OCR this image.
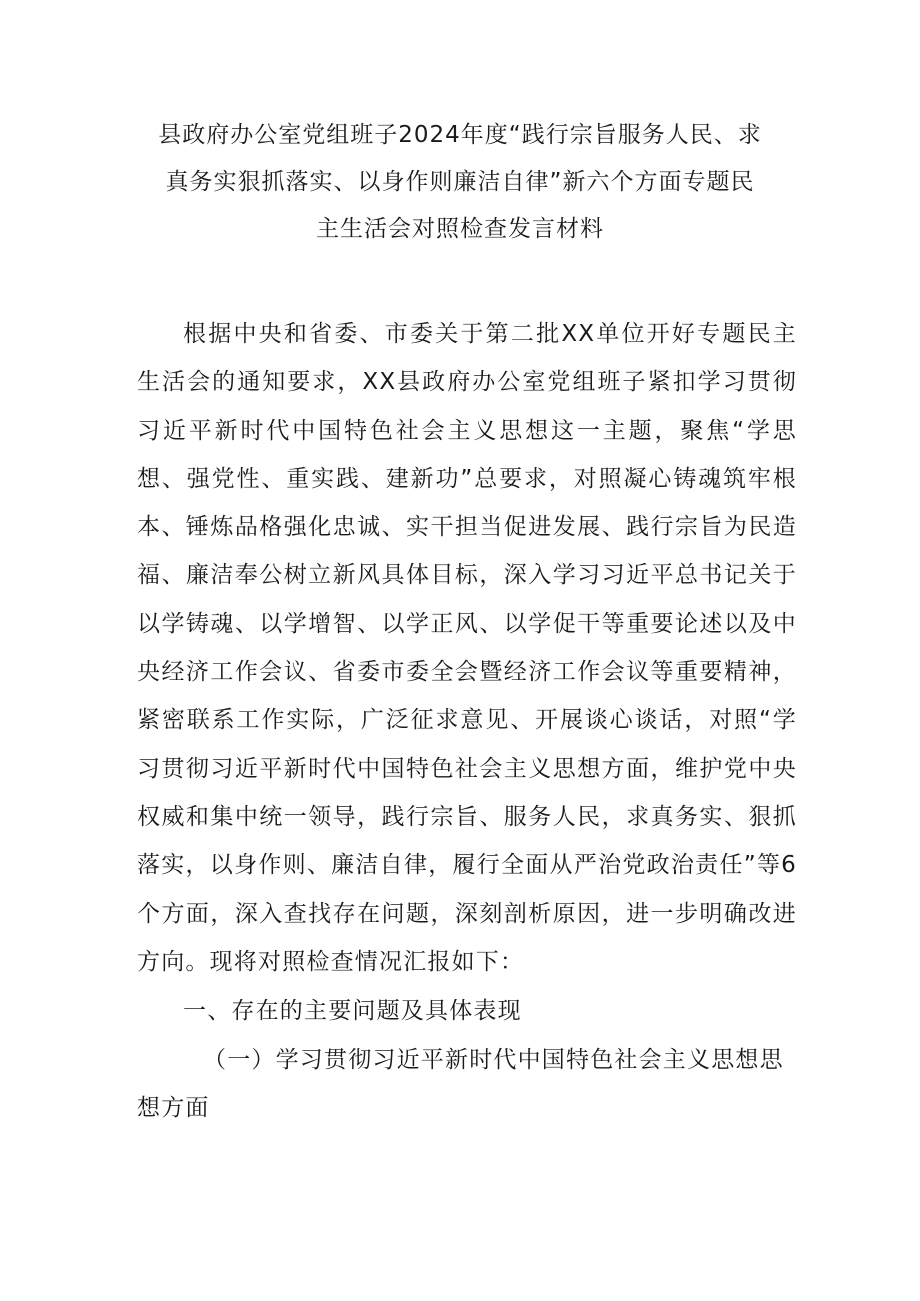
县政府办公室党组班子2024年度“践行宗旨服务人民、求
真务实狠抓落实、以身作则廉洁自律”新六个方面专题民
主生活会对照检查发言材料

根据中央和省委、市委关于第二批XX单位开好专题民主生活会的通知要求，XX县政府办公室党组班子紧扣学习贯彻习近平新时代中国特色社会主义思想这一主题，聚焦“学思想、强党性、重实践、建新功”总要求，对照凝心铸魂筑牢根本、锤炼品格强化忠诚、实干担当促进发展、践行宗旨为民造福、廉洁奉公树立新风具体目标，深入学习习近平总书记关于以学铸魂、以学增智、以学正风、以学促干等重要论述以及中央经济工作会议、省委市委全会暨经济工作会议等重要精神，紧密联系工作实际，广泛征求意见、开展谈心谈话，对照“学习贯彻习近平新时代中国特色社会主义思想方面，维护党中央权威和集中统一领导，践行宗旨、服务人民，求真务实、狠抓落实，以身作则、廉洁自律，履行全面从严治党政治责任”等6个方面，深入查找存在问题，深刻剖析原因，进一步明确改进方向。现将对照检查情况汇报如下：

一、存在的主要问题及具体表现

（一）学习贯彻习近平新时代中国特色社会主义思想思想方面
